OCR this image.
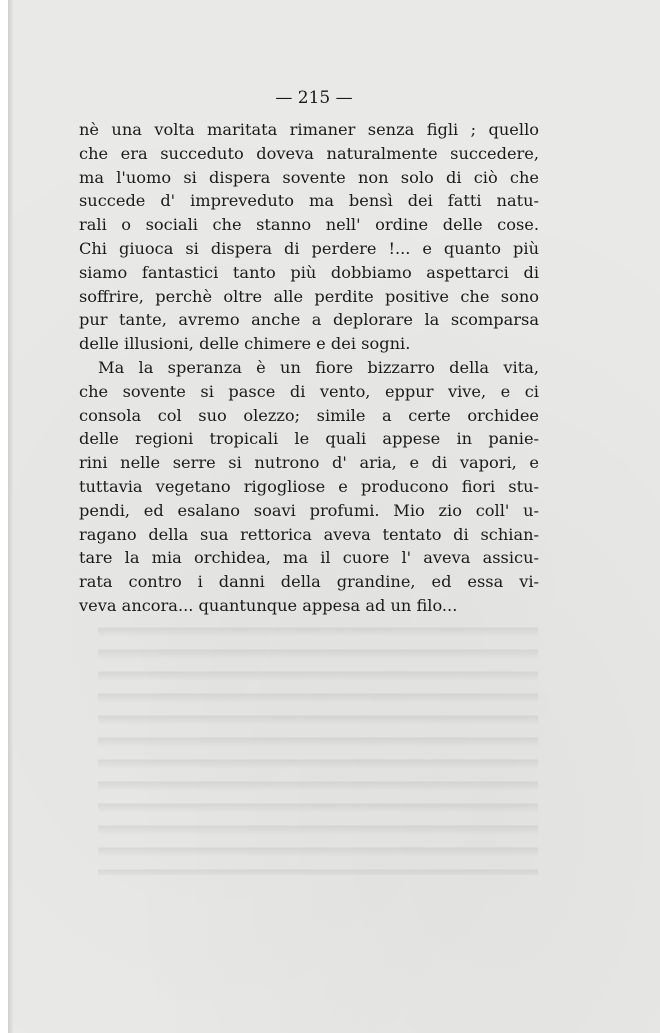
— 215 —
nè una volta maritata rimaner senza figli ; quello
che era succeduto doveva naturalmente succedere,
ma l'uomo si dispera sovente non solo di ciò che
succede d' impreveduto ma bensì dei fatti natu-
rali o sociali che stanno nell' ordine delle cose.
Chi giuoca si dispera di perdere !... e quanto più
siamo fantastici tanto più dobbiamo aspettarci di
soffrire, perchè oltre alle perdite positive che sono
pur tante, avremo anche a deplorare la scomparsa
delle illusioni, delle chimere e dei sogni.
Ma la speranza è un fiore bizzarro della vita,
che sovente si pasce di vento, eppur vive, e ci
consola col suo olezzo; simile a certe orchidee
delle regioni tropicali le quali appese in panie-
rini nelle serre si nutrono d' aria, e di vapori, e
tuttavia vegetano rigogliose e producono fiori stu-
pendi, ed esalano soavi profumi. Mio zio coll' u-
ragano della sua rettorica aveva tentato di schian-
tare la mia orchidea, ma il cuore l' aveva assicu-
rata contro i danni della grandine, ed essa vi-
veva ancora... quantunque appesa ad un filo...
